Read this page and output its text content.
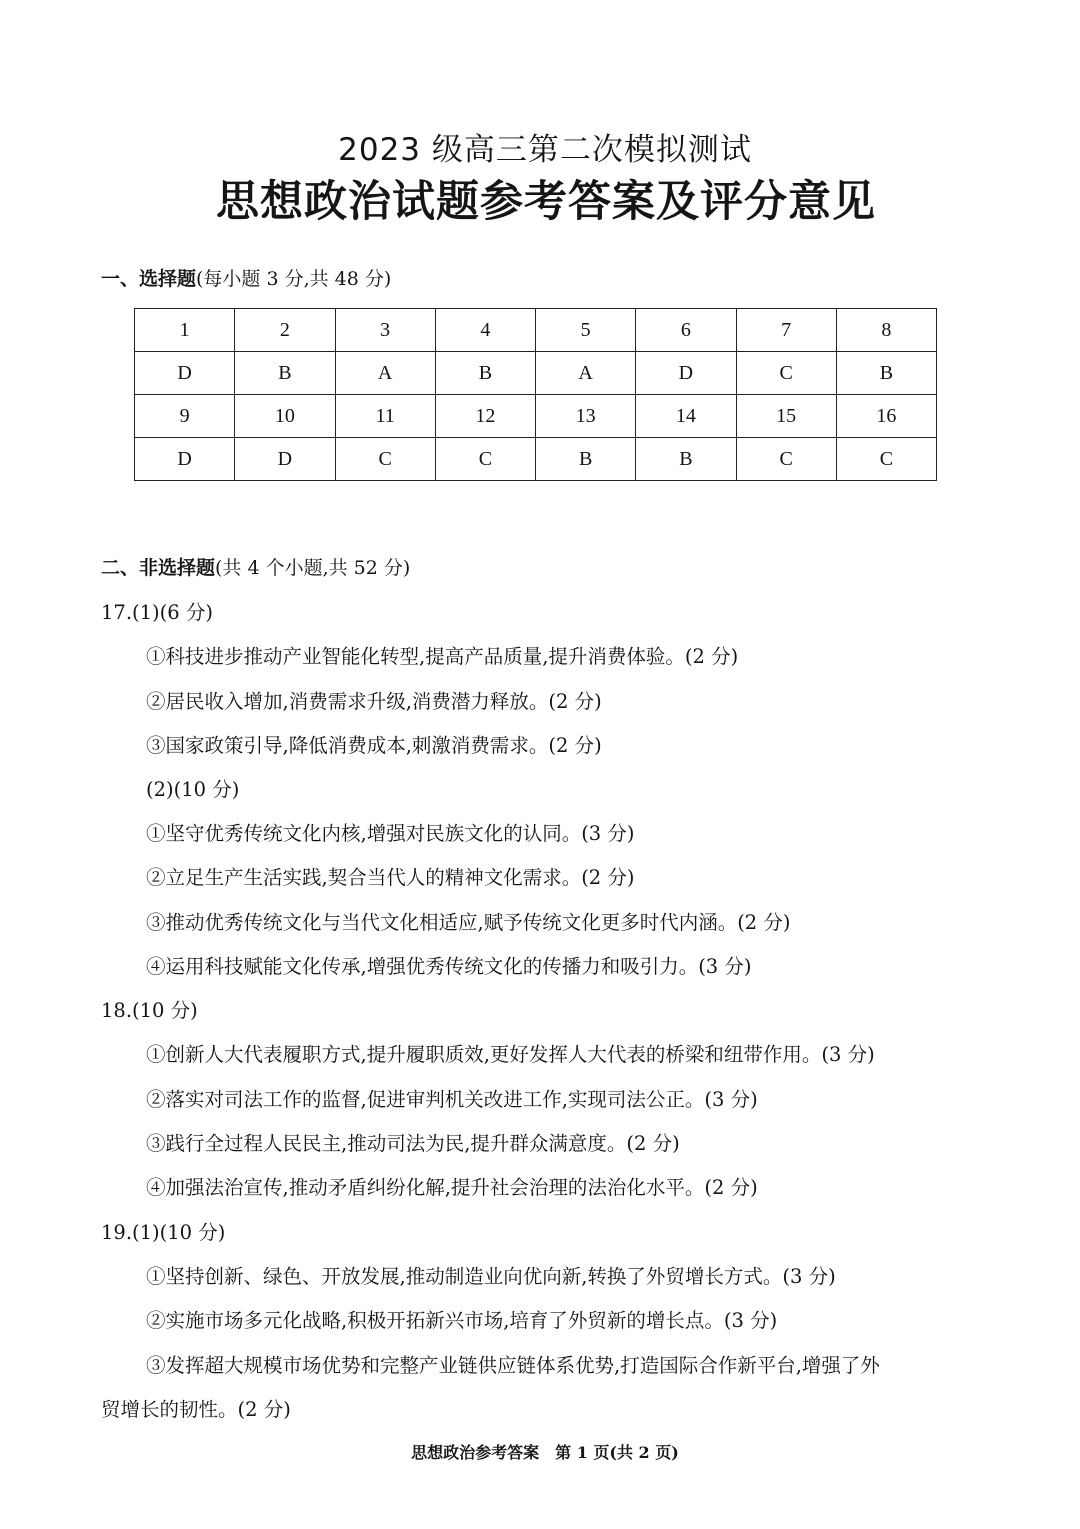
2023 级高三第二次模拟测试
思想政治试题参考答案及评分意见
一、选择题(每小题 3 分,共 48 分)
1	2	3	4	5	6	7	8
D	B	A	B	A	D	C	B
9	10	11	12	13	14	15	16
D	D	C	C	B	B	C	C
二、非选择题(共 4 个小题,共 52 分)
17.(1)(6 分)
①科技进步推动产业智能化转型,提高产品质量,提升消费体验。(2 分)
②居民收入增加,消费需求升级,消费潜力释放。(2 分)
③国家政策引导,降低消费成本,刺激消费需求。(2 分)
(2)(10 分)
①坚守优秀传统文化内核,增强对民族文化的认同。(3 分)
②立足生产生活实践,契合当代人的精神文化需求。(2 分)
③推动优秀传统文化与当代文化相适应,赋予传统文化更多时代内涵。(2 分)
④运用科技赋能文化传承,增强优秀传统文化的传播力和吸引力。(3 分)
18.(10 分)
①创新人大代表履职方式,提升履职质效,更好发挥人大代表的桥梁和纽带作用。(3 分)
②落实对司法工作的监督,促进审判机关改进工作,实现司法公正。(3 分)
③践行全过程人民民主,推动司法为民,提升群众满意度。(2 分)
④加强法治宣传,推动矛盾纠纷化解,提升社会治理的法治化水平。(2 分)
19.(1)(10 分)
①坚持创新、绿色、开放发展,推动制造业向优向新,转换了外贸增长方式。(3 分)
②实施市场多元化战略,积极开拓新兴市场,培育了外贸新的增长点。(3 分)
③发挥超大规模市场优势和完整产业链供应链体系优势,打造国际合作新平台,增强了外
贸增长的韧性。(2 分)
思想政治参考答案　第 1 页(共 2 页)
